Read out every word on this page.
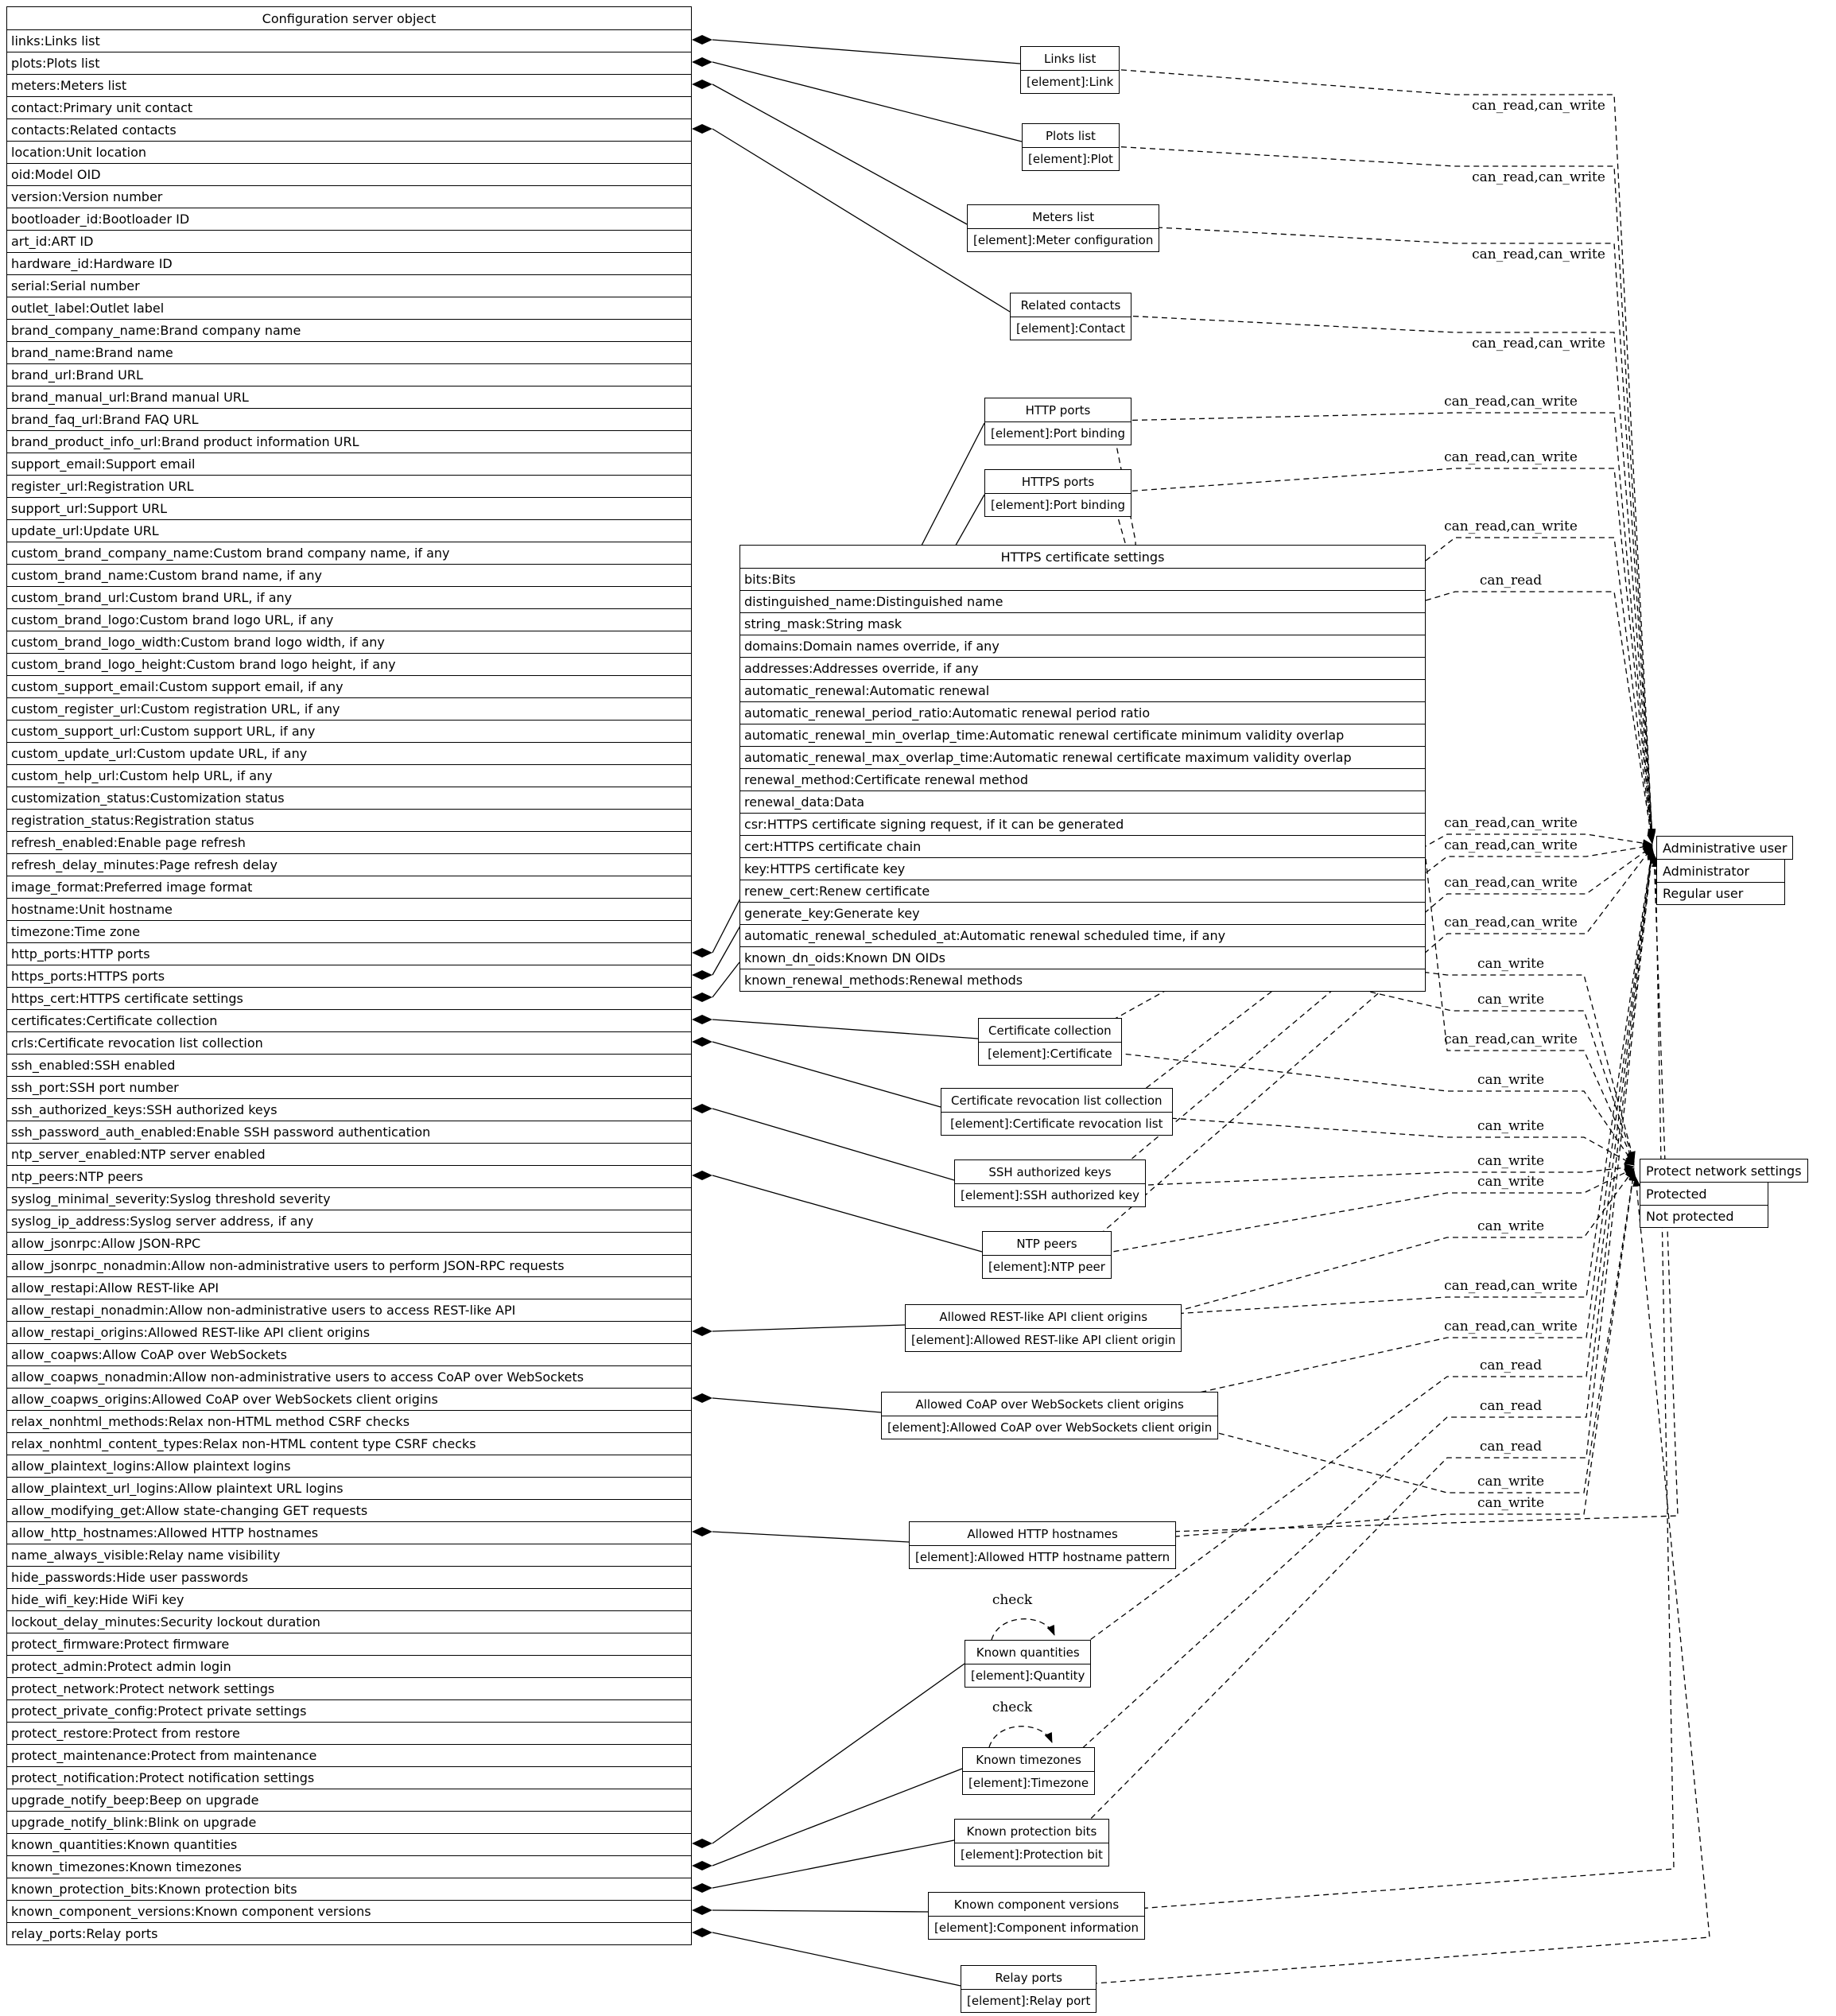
Configuration server object
links:Links list
plots:Plots list
meters:Meters list
contact:Primary unit contact
contacts:Related contacts
location:Unit location
oid:Model OID
version:Version number
bootloader_id:Bootloader ID
art_id:ART ID
hardware_id:Hardware ID
serial:Serial number
outlet_label:Outlet label
brand_company_name:Brand company name
brand_name:Brand name
brand_url:Brand URL
brand_manual_url:Brand manual URL
brand_faq_url:Brand FAQ URL
brand_product_info_url:Brand product information URL
support_email:Support email
register_url:Registration URL
support_url:Support URL
update_url:Update URL
custom_brand_company_name:Custom brand company name, if any
custom_brand_name:Custom brand name, if any
custom_brand_url:Custom brand URL, if any
custom_brand_logo:Custom brand logo URL, if any
custom_brand_logo_width:Custom brand logo width, if any
custom_brand_logo_height:Custom brand logo height, if any
custom_support_email:Custom support email, if any
custom_register_url:Custom registration URL, if any
custom_support_url:Custom support URL, if any
custom_update_url:Custom update URL, if any
custom_help_url:Custom help URL, if any
customization_status:Customization status
registration_status:Registration status
refresh_enabled:Enable page refresh
refresh_delay_minutes:Page refresh delay
image_format:Preferred image format
hostname:Unit hostname
timezone:Time zone
http_ports:HTTP ports
https_ports:HTTPS ports
https_cert:HTTPS certificate settings
certificates:Certificate collection
crls:Certificate revocation list collection
ssh_enabled:SSH enabled
ssh_port:SSH port number
ssh_authorized_keys:SSH authorized keys
ssh_password_auth_enabled:Enable SSH password authentication
ntp_server_enabled:NTP server enabled
ntp_peers:NTP peers
syslog_minimal_severity:Syslog threshold severity
syslog_ip_address:Syslog server address, if any
allow_jsonrpc:Allow JSON-RPC
allow_jsonrpc_nonadmin:Allow non-administrative users to perform JSON-RPC requests
allow_restapi:Allow REST-like API
allow_restapi_nonadmin:Allow non-administrative users to access REST-like API
allow_restapi_origins:Allowed REST-like API client origins
allow_coapws:Allow CoAP over WebSockets
allow_coapws_nonadmin:Allow non-administrative users to access CoAP over WebSockets
allow_coapws_origins:Allowed CoAP over WebSockets client origins
relax_nonhtml_methods:Relax non-HTML method CSRF checks
relax_nonhtml_content_types:Relax non-HTML content type CSRF checks
allow_plaintext_logins:Allow plaintext logins
allow_plaintext_url_logins:Allow plaintext URL logins
allow_modifying_get:Allow state-changing GET requests
allow_http_hostnames:Allowed HTTP hostnames
name_always_visible:Relay name visibility
hide_passwords:Hide user passwords
hide_wifi_key:Hide WiFi key
lockout_delay_minutes:Security lockout duration
protect_firmware:Protect firmware
protect_admin:Protect admin login
protect_network:Protect network settings
protect_private_config:Protect private settings
protect_restore:Protect from restore
protect_maintenance:Protect from maintenance
protect_notification:Protect notification settings
upgrade_notify_beep:Beep on upgrade
upgrade_notify_blink:Blink on upgrade
known_quantities:Known quantities
known_timezones:Known timezones
known_protection_bits:Known protection bits
known_component_versions:Known component versions
relay_ports:Relay ports
HTTPS certificate settings
bits:Bits
distinguished_name:Distinguished name
string_mask:String mask
domains:Domain names override, if any
addresses:Addresses override, if any
automatic_renewal:Automatic renewal
automatic_renewal_period_ratio:Automatic renewal period ratio
automatic_renewal_min_overlap_time:Automatic renewal certificate minimum validity overlap
automatic_renewal_max_overlap_time:Automatic renewal certificate maximum validity overlap
renewal_method:Certificate renewal method
renewal_data:Data
csr:HTTPS certificate signing request, if it can be generated
cert:HTTPS certificate chain
key:HTTPS certificate key
renew_cert:Renew certificate
generate_key:Generate key
automatic_renewal_scheduled_at:Automatic renewal scheduled time, if any
known_dn_oids:Known DN OIDs
known_renewal_methods:Renewal methods
Links list
[element]:Link
Plots list
[element]:Plot
Meters list
[element]:Meter configuration
Related contacts
[element]:Contact
HTTP ports
[element]:Port binding
HTTPS ports
[element]:Port binding
Certificate collection
[element]:Certificate
Certificate revocation list collection
[element]:Certificate revocation list
SSH authorized keys
[element]:SSH authorized key
NTP peers
[element]:NTP peer
Allowed REST-like API client origins
[element]:Allowed REST-like API client origin
Allowed CoAP over WebSockets client origins
[element]:Allowed CoAP over WebSockets client origin
Allowed HTTP hostnames
[element]:Allowed HTTP hostname pattern
Known quantities
[element]:Quantity
Known timezones
[element]:Timezone
Known protection bits
[element]:Protection bit
Known component versions
[element]:Component information
Relay ports
[element]:Relay port
Administrative user
Administrator
Regular user
Protect network settings
Protected
Not protected
can_read,can_write
can_read,can_write
can_read,can_write
can_read,can_write
can_read,can_write
can_read,can_write
can_read,can_write
can_read
can_read,can_write
can_read,can_write
can_read,can_write
can_read,can_write
can_write
can_write
can_read,can_write
can_write
can_write
can_write
can_write
can_write
can_read,can_write
can_read,can_write
can_read
can_read
can_read
can_write
can_write
check
check
